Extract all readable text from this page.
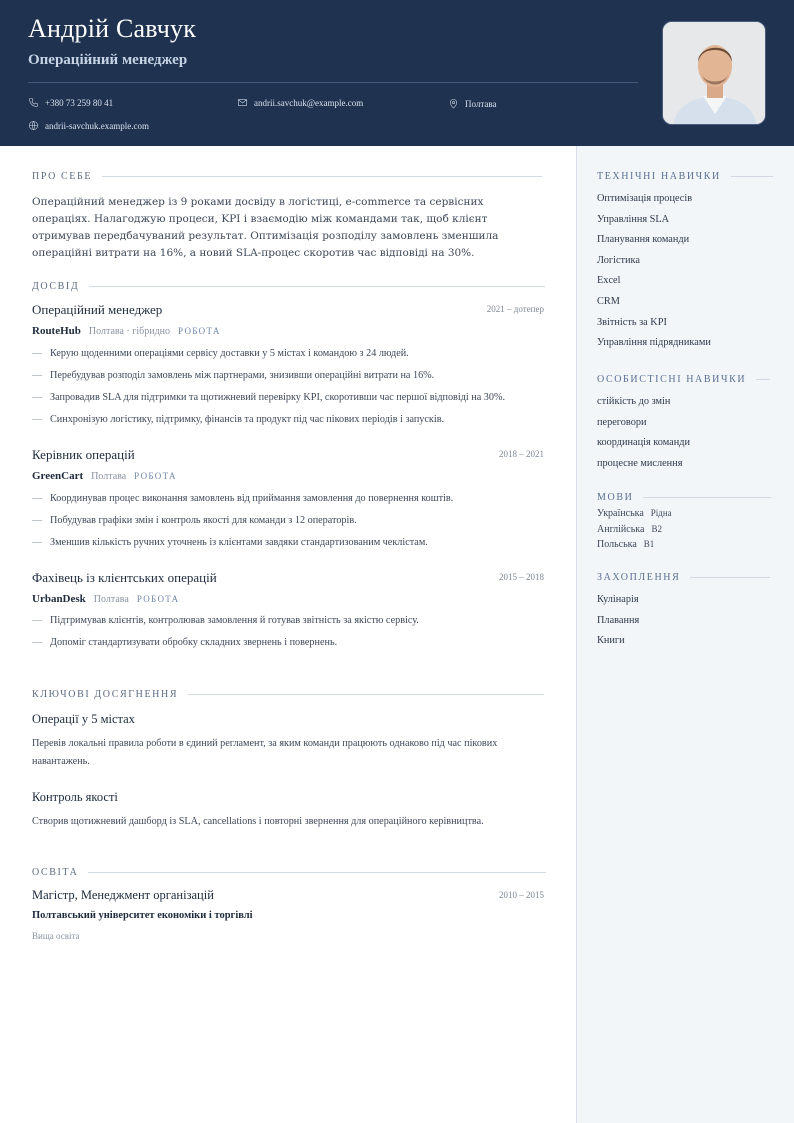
Андрій Савчук
Операційний менеджер
+380 73 259 80 41	andrii.savchuk@example.com	Полтава
andrii-savchuk.example.com
ПРО СЕБЕ
Операційний менеджер із 9 роками досвіду в логістиці, e-commerce та сервісних операціях. Налагоджую процеси, KPI і взаємодію між командами так, щоб клієнт отримував передбачуваний результат. Оптимізація розподілу замовлень зменшила операційні витрати на 16%, а новий SLA-процес скоротив час відповіді на 30%.
ДОСВІД
Операційний менеджер	2021 – дотепер
RouteHub Полтава · гібридно РОБОТА
— Керую щоденними операціями сервісу доставки у 5 містах і командою з 24 людей.
— Перебудував розподіл замовлень між партнерами, знизивши операційні витрати на 16%.
— Запровадив SLA для підтримки та щотижневий перевірку KPI, скоротивши час першої відповіді на 30%.
— Синхронізую логістику, підтримку, фінансів та продукт під час пікових періодів і запусків.
Керівник операцій	2018 – 2021
GreenCart Полтава РОБОТА
— Координував процес виконання замовлень від приймання замовлення до повернення коштів.
— Побудував графіки змін і контроль якості для команди з 12 операторів.
— Зменшив кількість ручних уточнень із клієнтами завдяки стандартизованим чеклістам.
Фахівець із клієнтських операцій	2015 – 2018
UrbanDesk Полтава РОБОТА
— Підтримував клієнтів, контролював замовлення й готував звітність за якістю сервісу.
— Допоміг стандартизувати обробку складних звернень і повернень.
КЛЮЧОВІ ДОСЯГНЕННЯ
Операції у 5 містах
Перевів локальні правила роботи в єдиний регламент, за яким команди працюють однаково під час пікових навантажень.
Контроль якості
Створив щотижневий дашборд із SLA, cancellations і повторні звернення для операційного керівництва.
ОСВІТА
Магістр, Менеджмент організацій	2010 – 2015
Полтавський університет економіки і торгівлі
Вища освіта
ТЕХНІЧНІ НАВИЧКИ
Оптимізація процесів
Управління SLA
Планування команди
Логістика
Excel
CRM
Звітність за KPI
Управління підрядниками
ОСОБИСТІСНІ НАВИЧКИ
стійкість до змін
переговори
координація команди
процесне мислення
МОВИ
Українська Рідна
Англійська B2
Польська B1
ЗАХОПЛЕННЯ
Кулінарія
Плавання
Книги
